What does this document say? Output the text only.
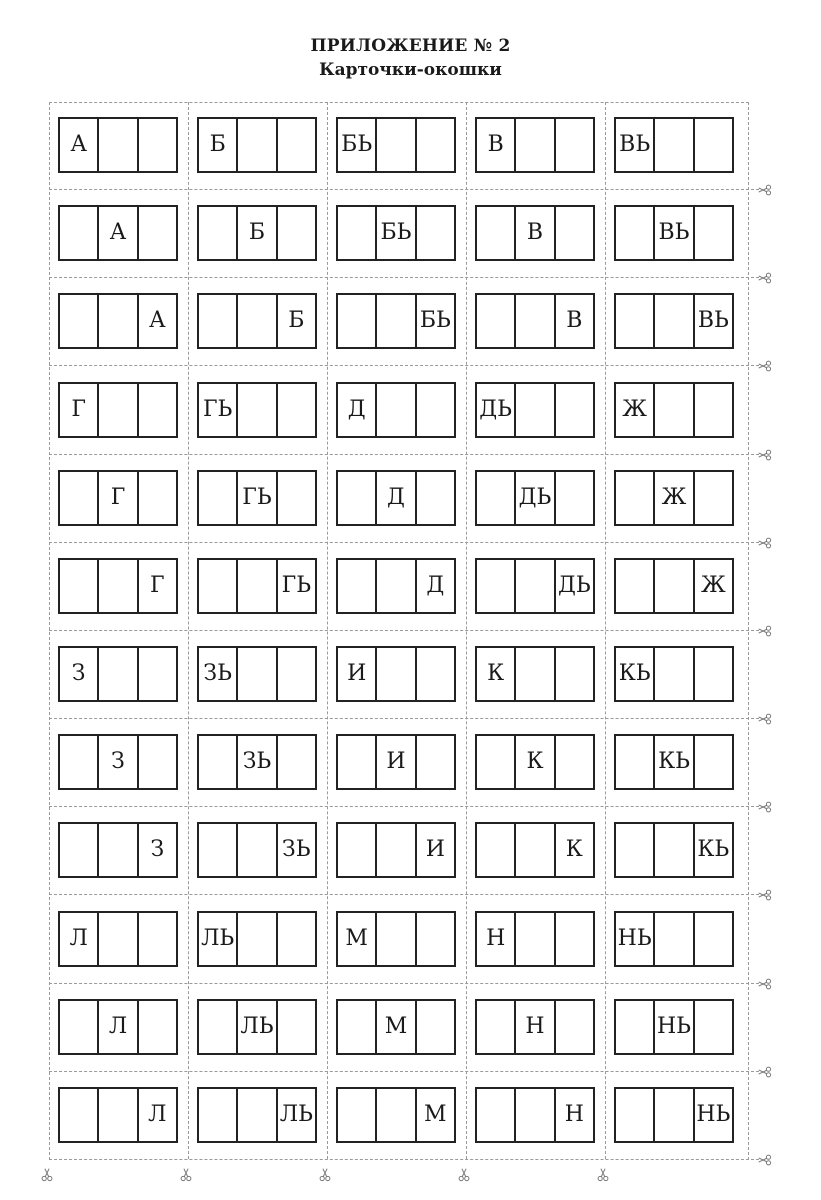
ПРИЛОЖЕНИЕ № 2
Карточки-окошки
А	Б	БЬ	В	ВЬ
А	Б	БЬ	В	ВЬ
А	Б	БЬ	В	ВЬ
Г	ГЬ	Д	ДЬ	Ж
Г	ГЬ	Д	ДЬ	Ж
Г	ГЬ	Д	ДЬ	Ж
З	ЗЬ	И	К	КЬ
З	ЗЬ	И	К	КЬ
З	ЗЬ	И	К	КЬ
Л	ЛЬ	М	Н	НЬ
Л	ЛЬ	М	Н	НЬ
Л	ЛЬ	М	Н	НЬ
